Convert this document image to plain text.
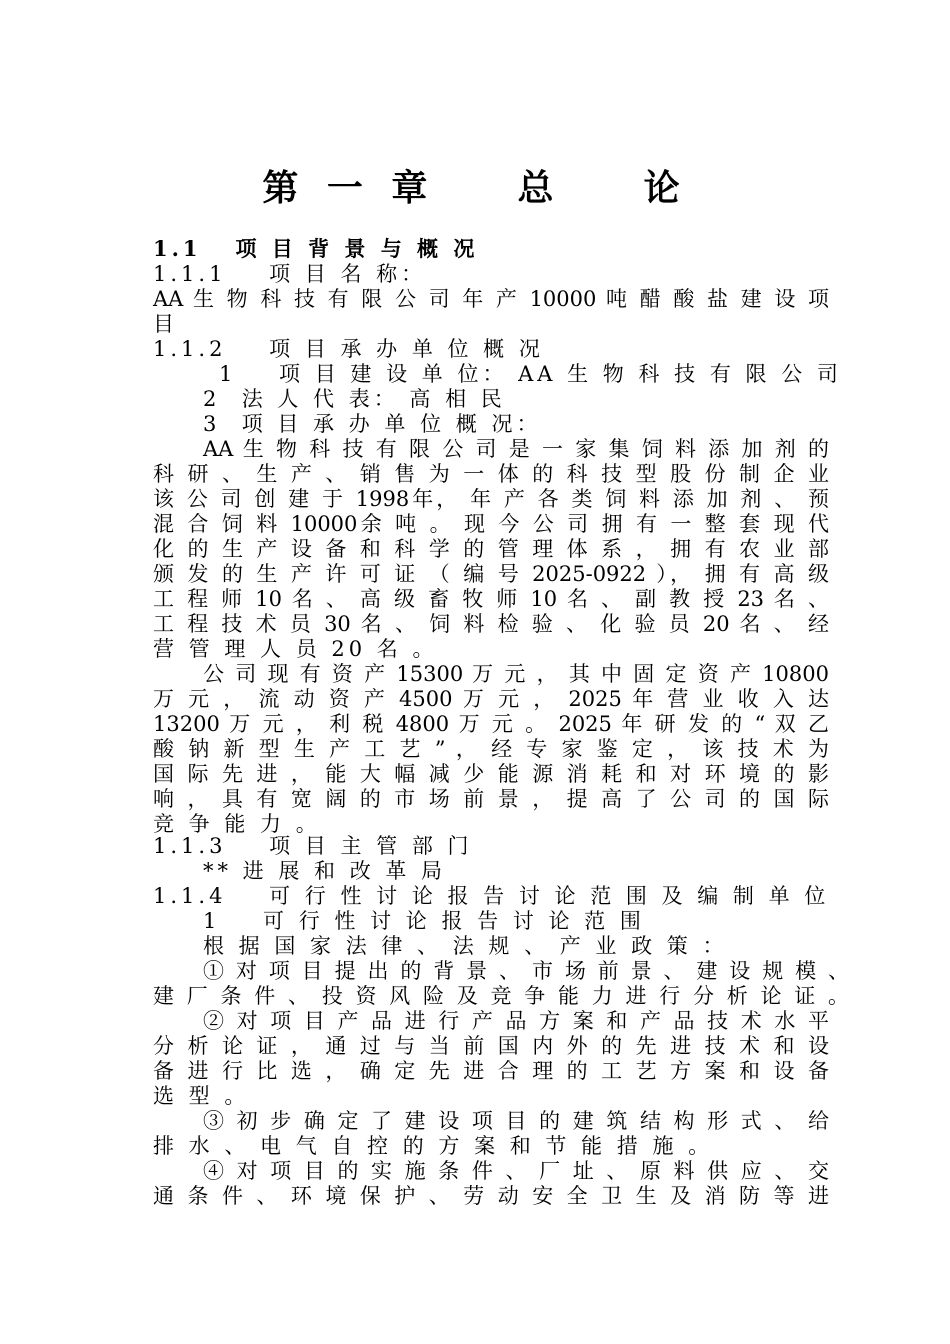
第 一 章    总    论
1.1   项 目 背 景 与 概 况
1.1.1    项 目 名 称：
AA 生 物 科 技 有 限 公 司 年 产 10000 吨 醋 酸 盐 建 设 项
目
1.1.2    项 目 承 办 单 位 概 况
1    项 目 建 设 单 位： AA 生 物 科 技 有 限 公 司
2  法 人 代 表： 高 相 民
3  项 目 承 办 单 位 概 况：
AA 生 物 科 技 有 限 公 司 是 一 家 集 饲 料 添 加 剂 的
科 研 、 生 产 、 销 售 为 一 体 的 科 技 型 股 份 制 企 业
该 公 司 创 建 于 1998年， 年 产 各 类 饲 料 添 加 剂 、 预
混 合 饲 料 10000余 吨 。 现 今 公 司 拥 有 一 整 套 现 代
化 的 生 产 设 备 和 科 学 的 管 理 体 系 ， 拥 有 农 业 部
颁 发 的 生 产 许 可 证 （ 编 号 2025-0922 ）， 拥 有 高 级
工 程 师 10 名 、 高 级 畜 牧 师 10 名 、 副 教 授 23 名 、
工 程 技 术 员 30 名 、 饲 料 检 验 、 化 验 员 20 名 、 经
营 管 理 人 员 20 名 。
公 司 现 有 资 产 15300 万 元 ， 其 中 固 定 资 产 10800
万 元 ， 流 动 资 产 4500 万 元 ， 2025 年 营 业 收 入 达
13200 万 元 ， 利 税 4800 万 元 。 2025 年 研 发 的 “ 双 乙
酸 钠 新 型 生 产 工 艺 ” ， 经 专 家 鉴 定 ， 该 技 术 为
国 际 先 进 ， 能 大 幅 减 少 能 源 消 耗 和 对 环 境 的 影
响 ， 具 有 宽 阔 的 市 场 前 景 ， 提 高 了 公 司 的 国 际
竞 争 能 力 。
1.1.3    项 目 主 管 部 门
** 进 展 和 改 革 局
1.1.4    可 行 性 讨 论 报 告 讨 论 范 围 及 编 制 单 位
1    可 行 性 讨 论 报 告 讨 论 范 围
根 据 国 家 法 律 、 法 规 、 产 业 政 策 ：
① 对 项 目 提 出 的 背 景 、 市 场 前 景 、 建 设 规 模 、
建 厂 条 件 、 投 资 风 险 及 竞 争 能 力 进 行 分 析 论 证 。
② 对 项 目 产 品 进 行 产 品 方 案 和 产 品 技 术 水 平
分 析 论 证 ， 通 过 与 当 前 国 内 外 的 先 进 技 术 和 设
备 进 行 比 选 ， 确 定 先 进 合 理 的 工 艺 方 案 和 设 备
选 型 。
③ 初 步 确 定 了 建 设 项 目 的 建 筑 结 构 形 式 、 给
排 水 、 电 气 自 控 的 方 案 和 节 能 措 施 。
④ 对 项 目 的 实 施 条 件 、 厂 址 、 原 料 供 应 、 交
通 条 件 、 环 境 保 护 、 劳 动 安 全 卫 生 及 消 防 等 进
